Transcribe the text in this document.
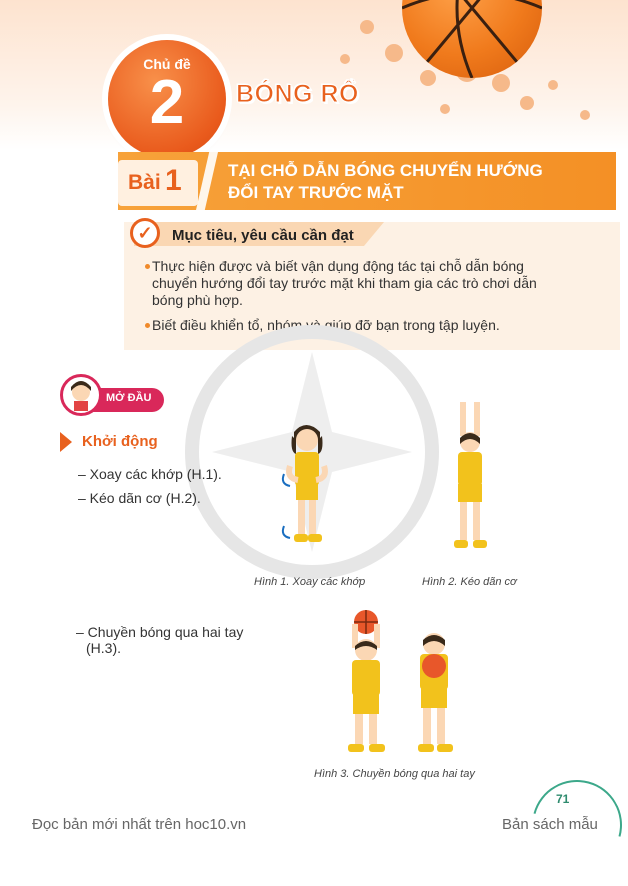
Chủ đề
2	BÓNG RỔ
Bài 1	TẠI CHỖ DẪN BÓNG CHUYỂN HƯỚNG
ĐỔI TAY TRƯỚC MẶT
✓	Mục tiêu, yêu cầu cần đạt
Thực hiện được và biết vận dụng động tác tại chỗ dẫn bóng
chuyển hướng đổi tay trước mặt khi tham gia các trò chơi dẫn
bóng phù hợp.
Biết điều khiển tổ, nhóm và giúp đỡ bạn trong tập luyện.
MỞ ĐẦU
Khởi động
– Xoay các khớp (H.1).
– Kéo dãn cơ (H.2).
– Chuyền bóng qua hai tay
(H.3).
Hình 1. Xoay các khớp	Hình 2. Kéo dãn cơ
Hình 3. Chuyền bóng qua hai tay
71
Đọc bản mới nhất trên hoc10.vn	Bản sách mẫu
